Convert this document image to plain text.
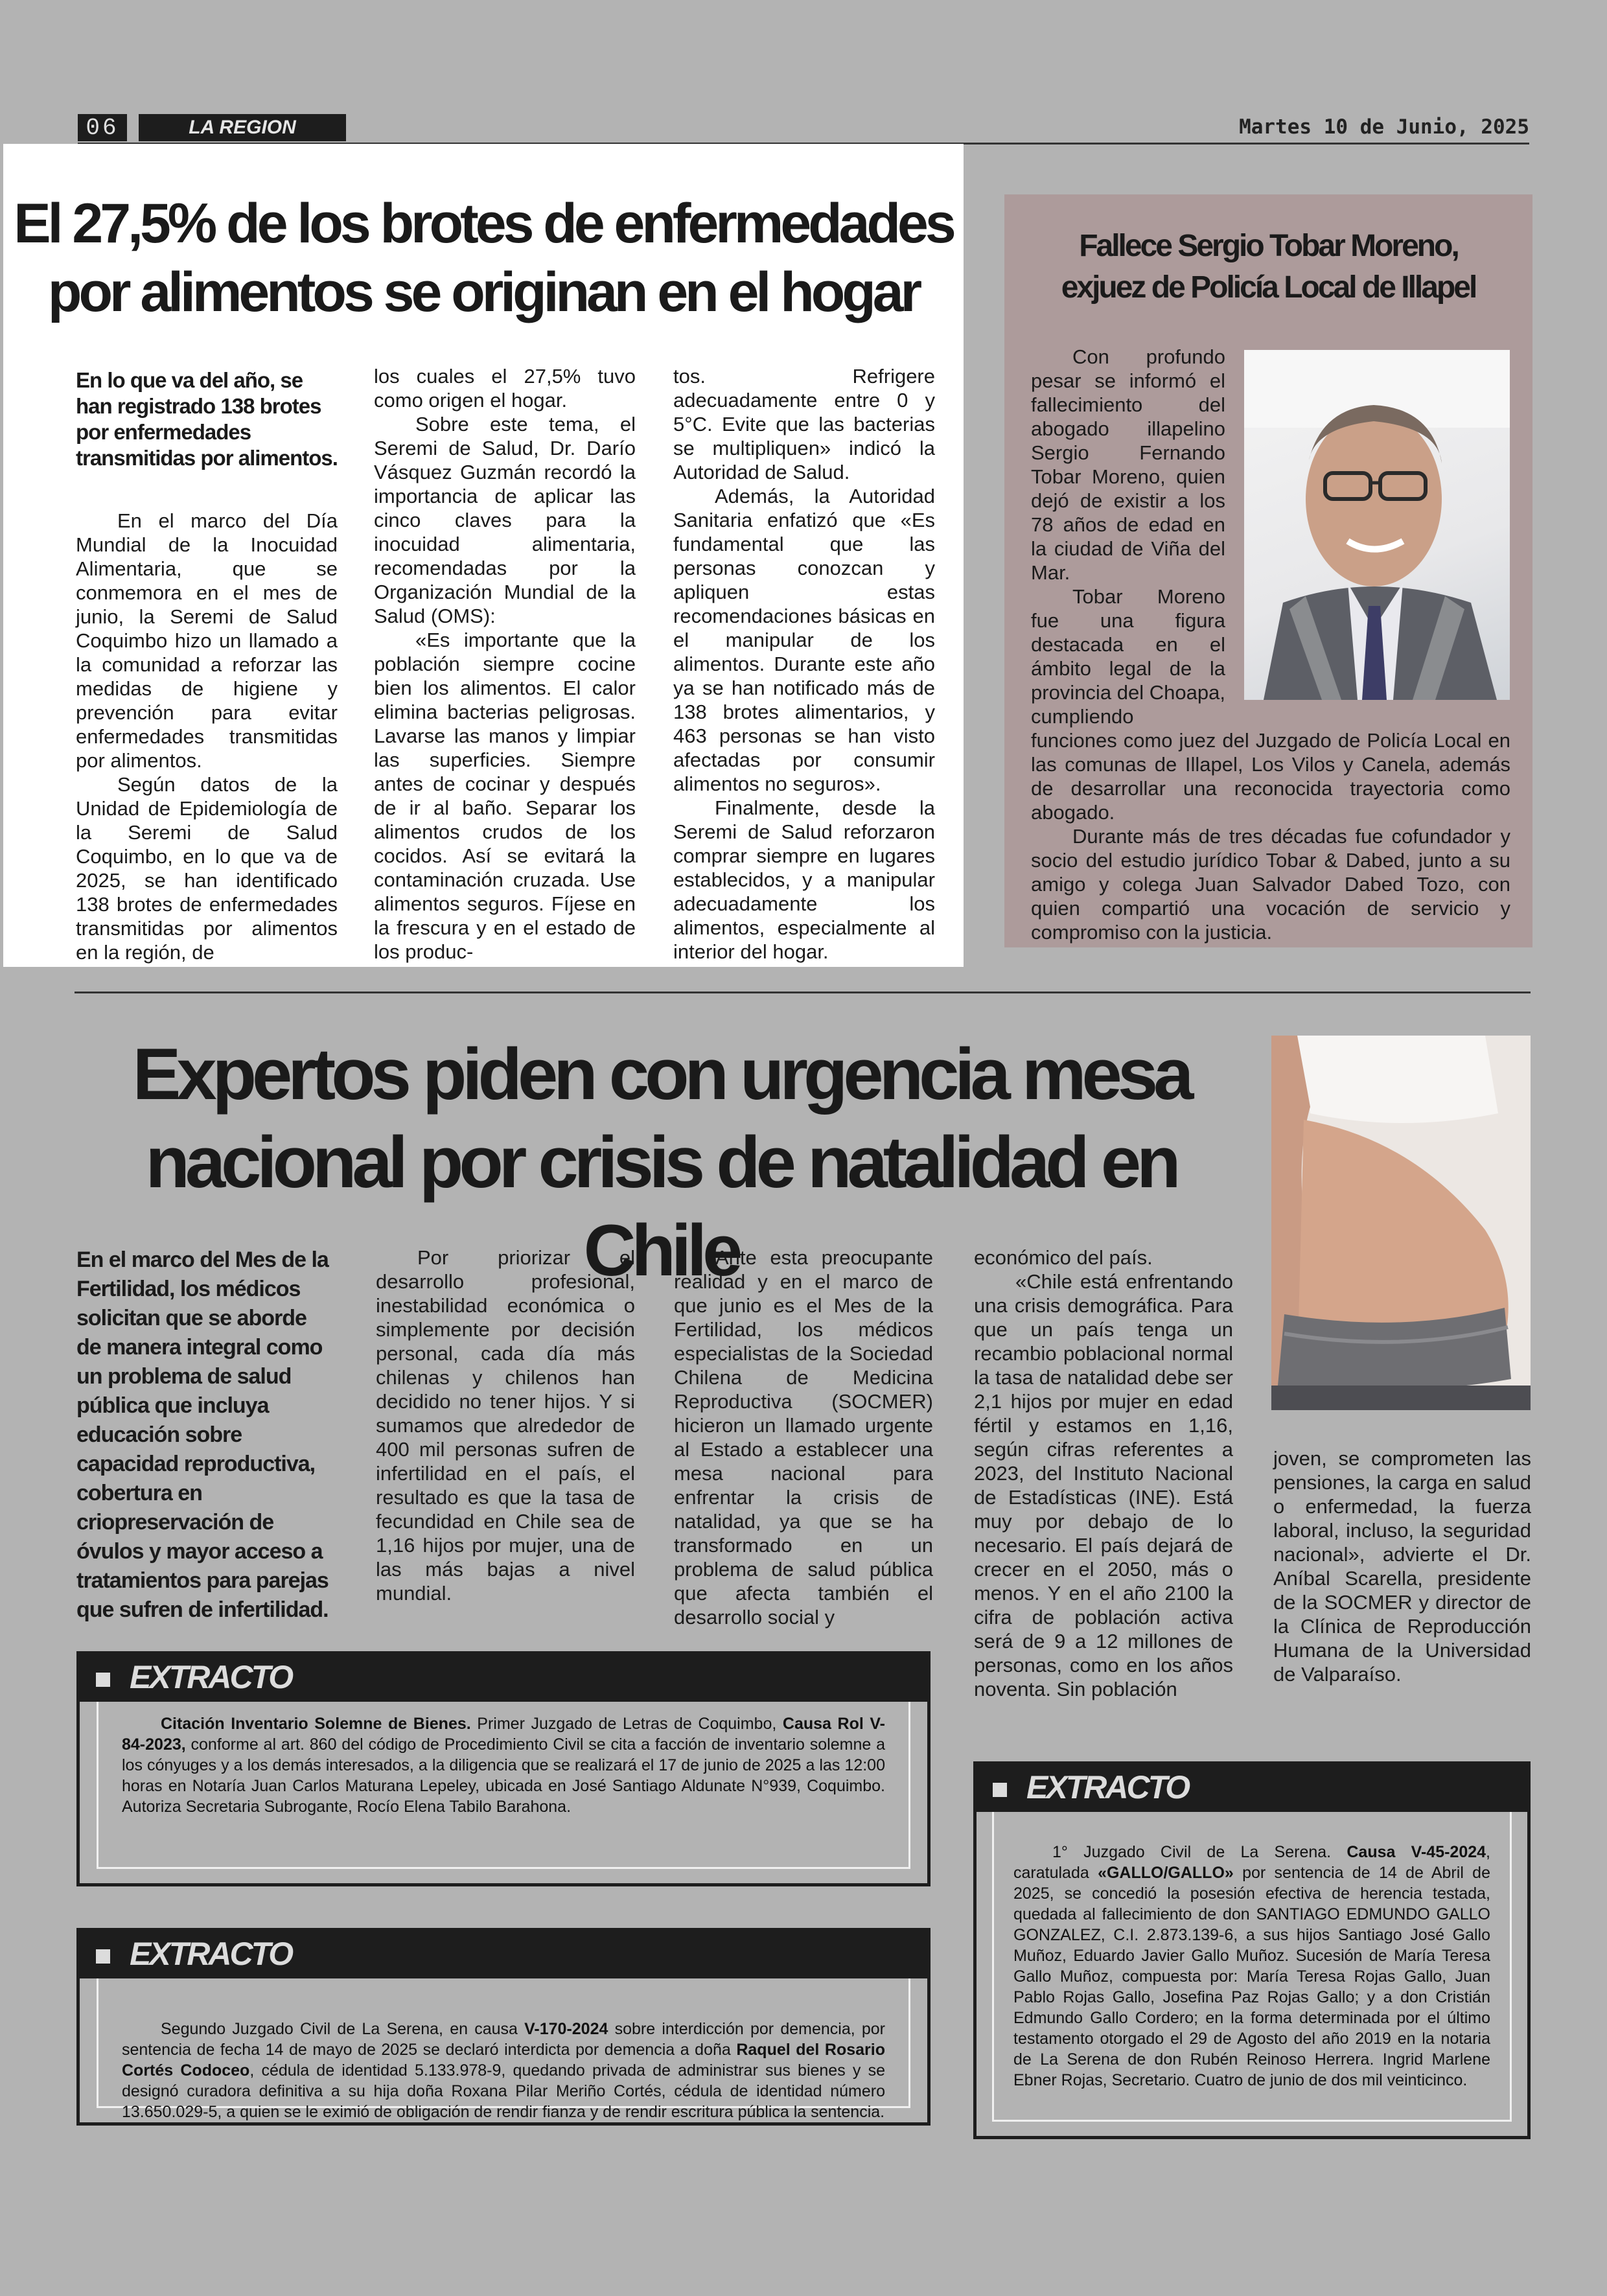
06	LA REGION	Martes 10 de Junio, 2025
El 27,5% de los brotes de enfermedades
por alimentos se originan en el hogar
En lo que va del año, se han registrado 138 brotes por enfermedades transmitidas por alimentos.

En el marco del Día Mundial de la Inocuidad Alimentaria, que se conmemora en el mes de junio, la Seremi de Salud Coquimbo hizo un llamado a la comunidad a reforzar las medidas de higiene y prevención para evitar enfermedades transmitidas por alimentos.

Según datos de la Unidad de Epidemiología de la Seremi de Salud Coquimbo, en lo que va de 2025, se han identificado 138 brotes de enfermedades transmitidas por alimentos en la región, de

los cuales el 27,5% tuvo como origen el hogar.

Sobre este tema, el Seremi de Salud, Dr. Darío Vásquez Guzmán recordó la importancia de aplicar las cinco claves para la inocuidad alimentaria, recomendadas por la Organización Mundial de la Salud (OMS):

«Es importante que la población siempre cocine bien los alimentos. El calor elimina bacterias peligrosas. Lavarse las manos y limpiar las superficies. Siempre antes de cocinar y después de ir al baño. Separar los alimentos crudos de los cocidos. Así se evitará la contaminación cruzada. Use alimentos seguros. Fíjese en la frescura y en el estado de los produc-

tos. Refrigere adecuadamente entre 0 y 5°C. Evite que las bacterias se multipliquen» indicó la Autoridad de Salud.

Además, la Autoridad Sanitaria enfatizó que «Es fundamental que las personas conozcan y apliquen estas recomendaciones básicas en el manipular de los alimentos. Durante este año ya se han notificado más de 138 brotes alimentarios, y 463 personas se han visto afectadas por consumir alimentos no seguros».

Finalmente, desde la Seremi de Salud reforzaron comprar siempre en lugares establecidos, y a manipular adecuadamente los alimentos, especialmente al interior del hogar.

Fallece Sergio Tobar Moreno,
exjuez de Policía Local de Illapel

Con profundo pesar se informó el fallecimiento del abogado illapelino Sergio Fernando Tobar Moreno, quien dejó de existir a los 78 años de edad en la ciudad de Viña del Mar.

Tobar Moreno fue una figura destacada en el ámbito legal de la provincia del Choapa, cumpliendo

funciones como juez del Juzgado de Policía Local en las comunas de Illapel, Los Vilos y Canela, además de desarrollar una reconocida trayectoria como abogado.

Durante más de tres décadas fue cofundador y socio del estudio jurídico Tobar & Dabed, junto a su amigo y colega Juan Salvador Dabed Tozo, con quien compartió una vocación de servicio y compromiso con la justicia.

Expertos piden con urgencia mesa
nacional por crisis de natalidad en Chile
En el marco del Mes de la Fertilidad, los médicos solicitan que se aborde de manera integral como un problema de salud pública que incluya educación sobre capacidad reproductiva, cobertura en criopreservación de óvulos y mayor acceso a tratamientos para parejas que sufren de infertilidad.

Por priorizar el desarrollo profesional, inestabilidad económica o simplemente por decisión personal, cada día más chilenas y chilenos han decidido no tener hijos. Y si sumamos que alrededor de 400 mil personas sufren de infertilidad en el país, el resultado es que la tasa de fecundidad en Chile sea de 1,16 hijos por mujer, una de las más bajas a nivel mundial.

Ante esta preocupante realidad y en el marco de que junio es el Mes de la Fertilidad, los médicos especialistas de la Sociedad Chilena de Medicina Reproductiva (SOCMER) hicieron un llamado urgente al Estado a establecer una mesa nacional para enfrentar la crisis de natalidad, ya que se ha transformado en un problema de salud pública que afecta también el desarrollo social y

económico del país.

«Chile está enfrentando una crisis demográfica. Para que un país tenga un recambio poblacional normal la tasa de natalidad debe ser 2,1 hijos por mujer en edad fértil y estamos en 1,16, según cifras referentes a 2023, del Instituto Nacional de Estadísticas (INE). Está muy por debajo de lo necesario. El país dejará de crecer en el 2050, más o menos. Y en el año 2100 la cifra de población activa será de 9 a 12 millones de personas, como en los años noventa. Sin población

joven, se comprometen las pensiones, la carga en salud o enfermedad, la fuerza laboral, incluso, la seguridad nacional», advierte el Dr. Aníbal Scarella, presidente de la SOCMER y director de la Clínica de Reproducción Humana de la Universidad de Valparaíso.

EXTRACTO

Citación Inventario Solemne de Bienes. Primer Juzgado de Letras de Coquimbo, Causa Rol V-84-2023, conforme al art. 860 del código de Procedimiento Civil se cita a facción de inventario solemne a los cónyuges y a los demás interesados, a la diligencia que se realizará el 17 de junio de 2025 a las 12:00 horas en Notaría Juan Carlos Maturana Lepeley, ubicada en José Santiago Aldunate N°939, Coquimbo. Autoriza Secretaria Subrogante, Rocío Elena Tabilo Barahona.

EXTRACTO

Segundo Juzgado Civil de La Serena, en causa V-170-2024 sobre interdicción por demencia, por sentencia de fecha 14 de mayo de 2025 se declaró interdicta por demencia a doña Raquel del Rosario Cortés Codoceo, cédula de identidad 5.133.978-9, quedando privada de administrar sus bienes y se designó curadora definitiva a su hija doña Roxana Pilar Meriño Cortés, cédula de identidad número 13.650.029-5, a quien se le eximió de obligación de rendir fianza y de rendir escritura pública la sentencia.

EXTRACTO

1° Juzgado Civil de La Serena. Causa V-45-2024, caratulada «GALLO/GALLO» por sentencia de 14 de Abril de 2025, se concedió la posesión efectiva de herencia testada, quedada al fallecimiento de don SANTIAGO EDMUNDO GALLO GONZALEZ, C.I. 2.873.139-6, a sus hijos Santiago José Gallo Muñoz, Eduardo Javier Gallo Muñoz. Sucesión de María Teresa Gallo Muñoz, compuesta por: María Teresa Rojas Gallo, Juan Pablo Rojas Gallo, Josefina Paz Rojas Gallo; y a don Cristián Edmundo Gallo Cordero; en la forma determinada por el último testamento otorgado el 29 de Agosto del año 2019 en la notaria de La Serena de don Rubén Reinoso Herrera. Ingrid Marlene Ebner Rojas, Secretario. Cuatro de junio de dos mil veinticinco.
